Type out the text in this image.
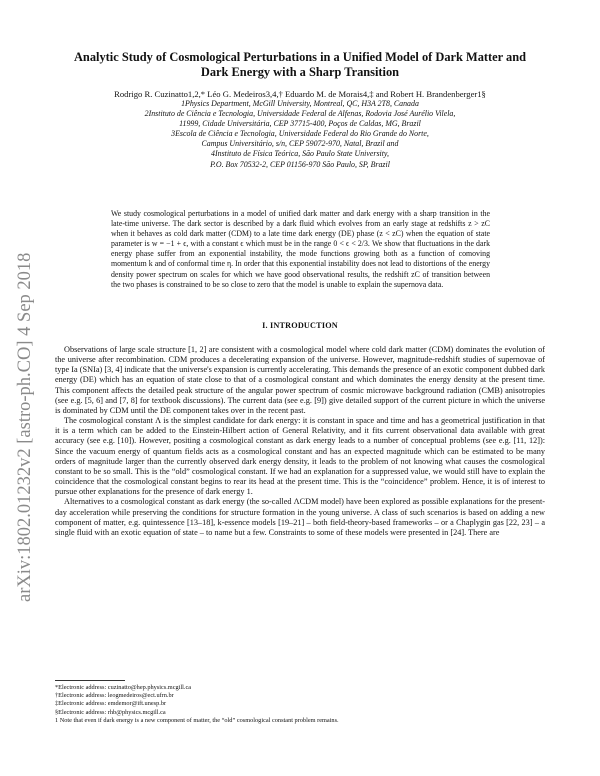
arXiv:1802.01232v2 [astro-ph.CO] 4 Sep 2018
Analytic Study of Cosmological Perturbations in a Unified Model of Dark Matter and
Dark Energy with a Sharp Transition
Rodrigo R. Cuzinatto1,2,* Léo G. Medeiros3,4,† Eduardo M. de Morais4,‡ and Robert H. Brandenberger1§
1Physics Department, McGill University, Montreal, QC, H3A 2T8, Canada
2Instituto de Ciência e Tecnologia, Universidade Federal de Alfenas, Rodovia José Aurélio Vilela,
11999, Cidade Universitária, CEP 37715-400, Poços de Caldas, MG, Brazil
3Escola de Ciência e Tecnologia, Universidade Federal do Rio Grande do Norte,
Campus Universitário, s/n, CEP 59072-970, Natal, Brazil and
4Instituto de Física Teórica, São Paulo State University,
P.O. Box 70532-2, CEP 01156-970 São Paulo, SP, Brazil
We study cosmological perturbations in a model of unified dark matter and dark energy with a sharp transition in the late-time universe. The dark sector is described by a dark fluid which evolves from an early stage at redshifts z > zC when it behaves as cold dark matter (CDM) to a late time dark energy (DE) phase (z < zC) when the equation of state parameter is w = −1 + ϵ, with a constant ϵ which must be in the range 0 < ϵ < 2/3. We show that fluctuations in the dark energy phase suffer from an exponential instability, the mode functions growing both as a function of comoving momentum k and of conformal time η. In order that this exponential instability does not lead to distortions of the energy density power spectrum on scales for which we have good observational results, the redshift zC of transition between the two phases is constrained to be so close to zero that the model is unable to explain the supernova data.
I. INTRODUCTION

Observations of large scale structure [1, 2] are consistent with a cosmological model where cold dark matter (CDM) dominates the evolution of the universe after recombination. CDM produces a decelerating expansion of the universe. However, magnitude-redshift studies of supernovae of type Ia (SNIa) [3, 4] indicate that the universe's expansion is currently accelerating. This demands the presence of an exotic component dubbed dark energy (DE) which has an equation of state close to that of a cosmological constant and which dominates the energy density at the present time. This component affects the detailed peak structure of the angular power spectrum of cosmic microwave background radiation (CMB) anisotropies (see e.g. [5, 6] and [7, 8] for textbook discussions). The current data (see e.g. [9]) give detailed support of the current picture in which the universe is dominated by CDM until the DE component takes over in the recent past.

The cosmological constant Λ is the simplest candidate for dark energy: it is constant in space and time and has a geometrical justification in that it is a term which can be added to the Einstein-Hilbert action of General Relativity, and it fits current observational data available with great accuracy (see e.g. [10]). However, positing a cosmological constant as dark energy leads to a number of conceptual problems (see e.g. [11, 12]): Since the vacuum energy of quantum fields acts as a cosmological constant and has an expected magnitude which can be estimated to be many orders of magnitude larger than the currently observed dark energy density, it leads to the problem of not knowing what causes the cosmological constant to be so small. This is the “old” cosmological constant. If we had an explanation for a suppressed value, we would still have to explain the coincidence that the cosmological constant begins to rear its head at the present time. This is the “coincidence” problem. Hence, it is of interest to pursue other explanations for the presence of dark energy 1.

Alternatives to a cosmological constant as dark energy (the so-called ΛCDM model) have been explored as possible explanations for the present-day acceleration while preserving the conditions for structure formation in the young universe. A class of such scenarios is based on adding a new component of matter, e.g. quintessence [13–18], k-essence models [19–21] – both field-theory-based frameworks – or a Chaplygin gas [22, 23] – a single fluid with an exotic equation of state – to name but a few. Constraints to some of these models were presented in [24]. There are

*Electronic address: cuzinatto@hep.physics.mcgill.ca
†Electronic address: leogmedeiros@ect.ufrn.br
‡Electronic address: emdemor@ift.unesp.br
§Electronic address: rhb@physics.mcgill.ca
1 Note that even if dark energy is a new component of matter, the “old” cosmological constant problem remains.
